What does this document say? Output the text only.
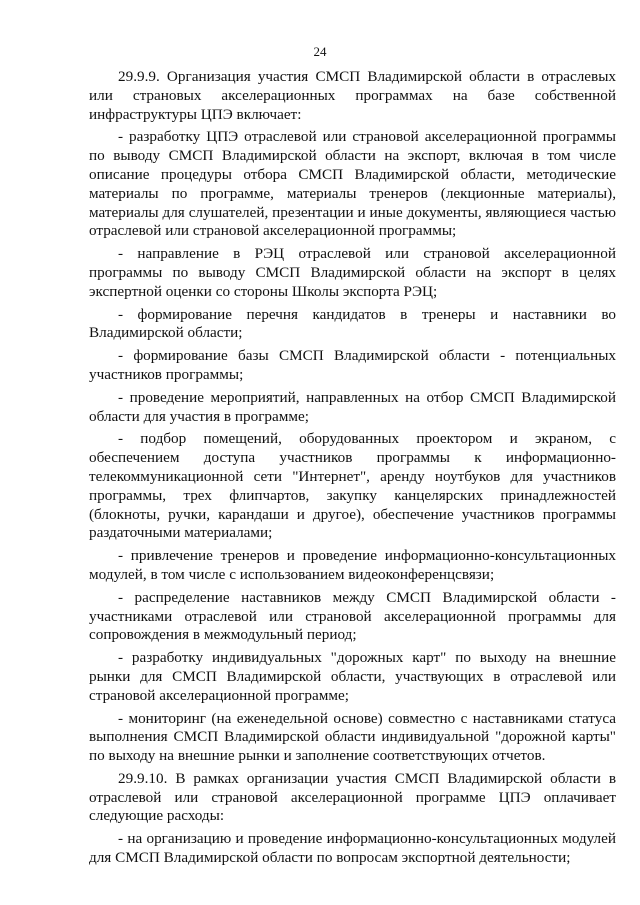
24

29.9.9. Организация участия СМСП Владимирской области в отраслевых или страновых акселерационных программах на базе собственной инфраструктуры ЦПЭ включает:

- разработку ЦПЭ отраслевой или страновой акселерационной программы по выводу СМСП Владимирской области на экспорт, включая в том числе описание процедуры отбора СМСП Владимирской области, методические материалы по программе, материалы тренеров (лекционные материалы), материалы для слушателей, презентации и иные документы, являющиеся частью отраслевой или страновой акселерационной программы;

- направление в РЭЦ отраслевой или страновой акселерационной программы по выводу СМСП Владимирской области на экспорт в целях экспертной оценки со стороны Школы экспорта РЭЦ;

- формирование перечня кандидатов в тренеры и наставники во Владимирской области;

- формирование базы СМСП Владимирской области - потенциальных участников программы;

- проведение мероприятий, направленных на отбор СМСП Владимирской области для участия в программе;

- подбор помещений, оборудованных проектором и экраном, с обеспечением доступа участников программы к информационно-телекоммуникационной сети "Интернет", аренду ноутбуков для участников программы, трех флипчартов, закупку канцелярских принадлежностей (блокноты, ручки, карандаши и другое), обеспечение участников программы раздаточными материалами;

- привлечение тренеров и проведение информационно-консультационных модулей, в том числе с использованием видеоконференцсвязи;

- распределение наставников между СМСП Владимирской области - участниками отраслевой или страновой акселерационной программы для сопровождения в межмодульный период;

- разработку индивидуальных "дорожных карт" по выходу на внешние рынки для СМСП Владимирской области, участвующих в отраслевой или страновой акселерационной программе;

- мониторинг (на еженедельной основе) совместно с наставниками статуса выполнения СМСП Владимирской области индивидуальной "дорожной карты" по выходу на внешние рынки и заполнение соответствующих отчетов.

29.9.10. В рамках организации участия СМСП Владимирской области в отраслевой или страновой акселерационной программе ЦПЭ оплачивает следующие расходы:

- на организацию и проведение информационно-консультационных модулей для СМСП Владимирской области по вопросам экспортной деятельности;
